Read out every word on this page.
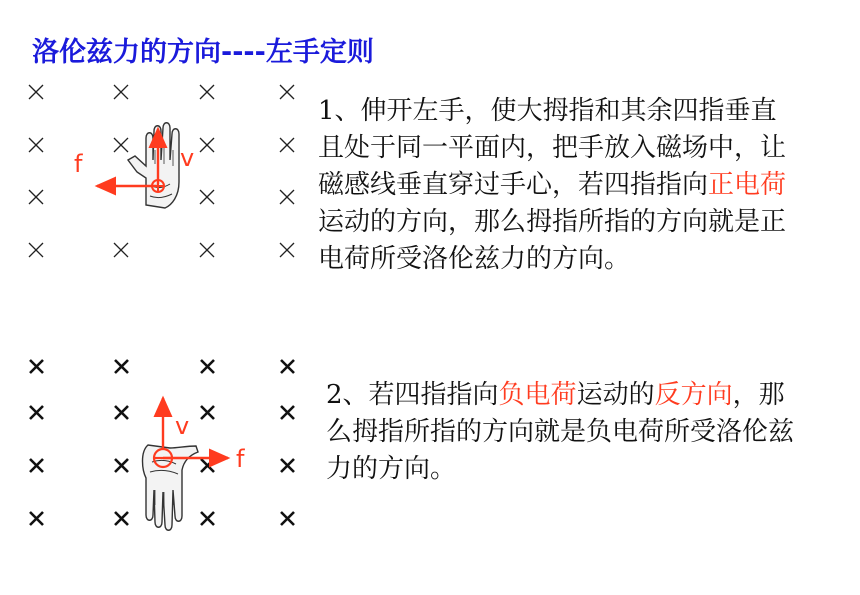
洛伦兹力的方向----左手定则
f	v
v
f
1、伸开左手，使大拇指和其余四指垂直且处于同一平面内，把手放入磁场中，让磁感线垂直穿过手心，若四指指向正电荷运动的方向，那么拇指所指的方向就是正电荷所受洛伦兹力的方向。
2、若四指指向负电荷运动的反方向，那么拇指所指的方向就是负电荷所受洛伦兹力的方向。
